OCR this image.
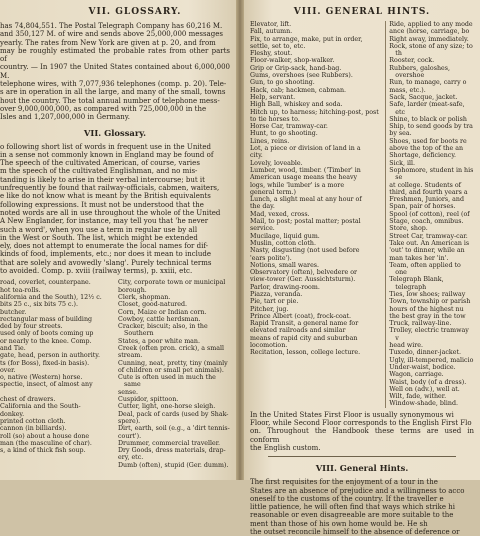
VII. GLOSSARY.

has 74,804,551. The Postal Telegraph Company has 60,216 M.

and 350,127 M. of wire and sends above 25,000,000 messages

yearly. The rates from New York are given at p. 20, and from

may be roughly estimated the probable rates from other parts of

country. — In 1907 the United States contained about 6,000,000 M.

telephone wires, with 7,077,936 telephones (comp. p. 20). Tele-

s are in operation in all the large, and many of the small, towns

hout the country. The total annual number of telephone mess-

over 9,000,000,000, as compared with 725,000,000 in the

Isles and 1,207,000,000 in Germany.

VII. Glossary.

o following short list of words in frequent use in the United

in a sense not commonly known in England may be found of

The speech of the cultivated American, of course, varies

m the speech of the cultivated Englishman, and no mis-

tanding is likely to arise in their verbal intercourse; but it

unfrequently be found that railway-officials, cabmen, waiters,

e like do not know what is meant by the British equivalents

following expressions. It must not be understood that the

noted words are all in use throughout the whole of the United

A New Englander, for instance, may tell you that 'he never

such a word', when you use a term in regular use by all

in the West or South. The list, which might be extended

ely, does not attempt to enumerate the local names for dif-

kinds of food, implements, etc.; nor does it mean to include

that are solely and avowedly 'slang'. Purely technical terms

to avoided. Comp. p. xviii (railway terms), p. xxiii, etc.

road, coverlet, counterpane.

hot tea-rolls.

alifornia and the South), 12½ c.

bits 25 c., six bits 75 c.).

butcher.

rectangular mass of building

ded by four streets.

used only of boots coming up

or nearly to the knee. Comp.

and Tie.

gate, head, person in authority.

ts (for Boss), fixed-in basis).

over.

o, native (Western) horse.

spectie, insect, of almost any

chest of drawers.

California and the South-

donkey.

printed cotton cloth.

cannon (in billiards).

roll (so) about a house done

man (the masculine of char).

s, a kind of thick fish soup.

City, corporate town or municipal

borough.

Clerk, shopman.

Closet, good-natured.

Corn, Maize or Indian corn.

Cowboy, cattle herdsman.

Cracker, biscuit; also, in the Southern

States, a poor white man.

Creek (often pron. crick), a small

stream.

Cunning, neat, pretty, tiny (mainly

of children or small pet animals).

Cute is often used in much the same

sense.

Cuspidor, spittoon.

Cutter, light, one-horse sleigh.

Deal, pack of cards (used by Shak-

spere).

Dirt, earth, soil (e.g., a 'dirt tennis-

court').

Drummer, commercial traveller.

Dry Goods, dress materials, drap-

ery, etc.

Dumb (often), stupid (Ger. dumm).

VIII. GENERAL HINTS.

Elevator, lift.

Fall, autumn.

Fix, to arrange, make, put in order,

settle, set to, etc.

Fleshy, stout.

Floor-walker, shop-walker.

Grip or Grip-sack, hand-bag.

Gums, overshoes (see Rubbers).

Gun, to go shooting.

Hack, cab; hackmen, cabman.

Help, servant.

High Ball, whiskey and soda.

Hitch up, to harness; hitching-post, post

to tie horses to.

Horse Car, tramway-car.

Hunt, to go shooting.

Lines, reins.

Lot, a piece or division of land in a

city.

Lovely, loveable.

Lumber, wood, timber. ('Timber' in

American usage means the heavy

logs, while 'lumber' is a more

general term.)

Lunch, a slight meal at any hour of

the day.

Mad, vexed, cross.

Mail, to post; postal matter; postal

service.

Mucilage, liquid gum.

Muslin, cotton cloth.

Nasty, disgusting (not used before

'ears polite').

Notions, small wares.

Observatory (often), belvedere or

view-tower (Ger. Aussichtsturm).

Parlor, drawing-room.

Piazza, veranda.

Pie, tart or pie.

Pitcher, jug.

Prince Albert (coat), frock-coat.

Rapid Transit, a general name for

elevated railroads and similar

means of rapid city and suburban

locomotion.

Recitation, lesson, college lecture.

Ride, applied to any mode

ance (horse, carriage, bo

Right away, immediately.

Rock, stone of any size; to th

Rooster, cock.

Rubbers, galoshes, overshoe

Run, to manage, carry o

mass, etc.).

Sack, Sacque, jacket.

Safe, larder (meat-safe, etc

Shine, to black or polish

Ship, to send goods by tra

by sea.

Shoes, used for boots re

above the top of the an

Shortage, deficiency.

Sick, ill.

Sophomore, student in his se

at college. Students of

third, and fourth years a

Freshmen, Juniors, and

Span, pair of horses.

Spool (of cotton), reel (of

Stage, coach, omnibus.

Store, shop.

Street Car, tramway-car.

Take out. An American is

'out' to dinner, while an

man takes her 'in'.

Team, often applied to one

Telegraph Blank, telegraph

Ties, low shoes; railway

Town, township or parish

hours of the highest nu

the best gray in the tow

Truck, railway-line.

Trolley, electric tramway v

head wire.

Tuxedo, dinner-jacket.

Ugly, ill-tempered, malicio

Under-waist, bodice.

Wagon, carriage.

Waist, body (of a dress).

Well on (adv.), well at.

Wilt, fade, wither.

Window-shade, blind.

In the United States First Floor is usually synonymous wi

Floor, while Second Floor corresponds to the English First Flo

on. Throughout the Handbook these terms are used in conform

the English custom.

VIII. General Hints.

The first requisites for the enjoyment of a tour in the

States are an absence of prejudice and a willingness to acco

oneself to the customs of the country. If the traveller e

little patience, he will often find that ways which strike hi

reasonable or even disagreeable are more suitable to the

ment than those of his own home would be. He sh

the outset reconcile himself to the absence of deference or
